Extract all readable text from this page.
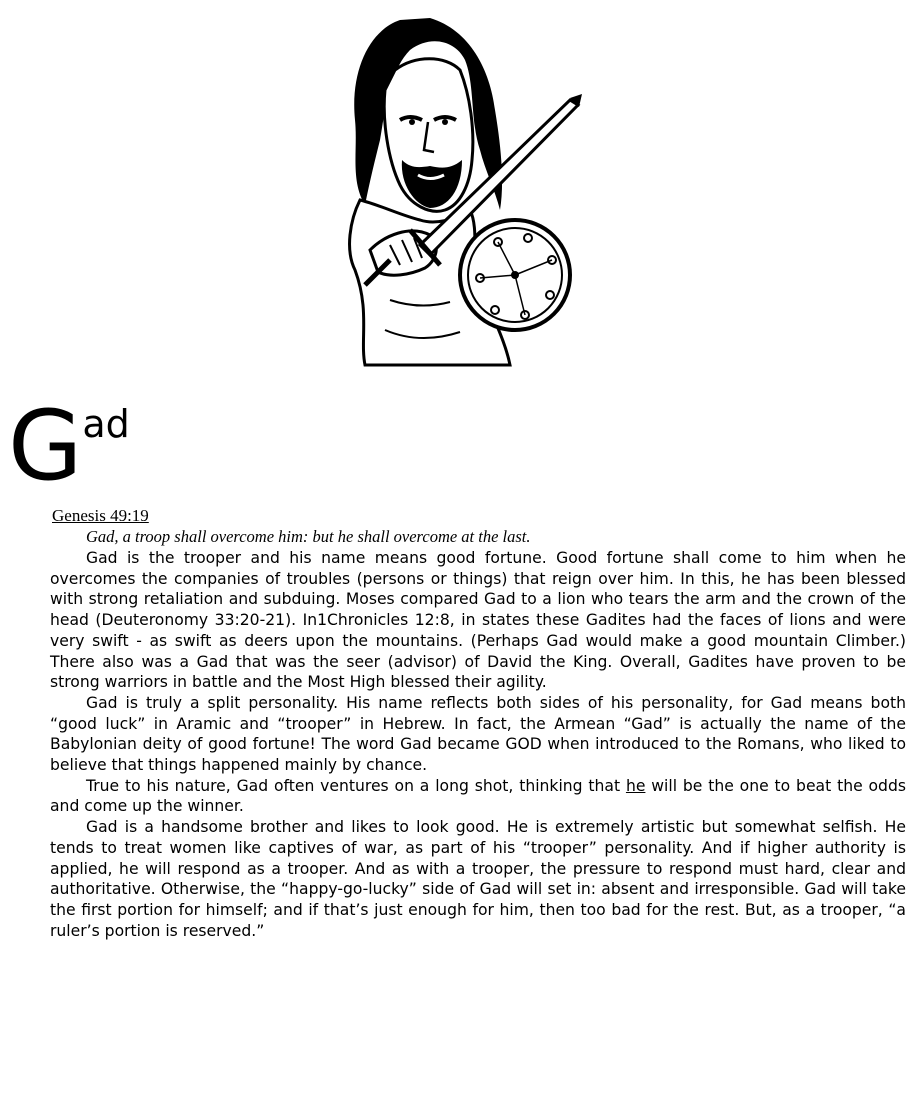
Gad
Genesis 49:19
Gad, a troop shall overcome him: but he shall overcome at the last.

Gad is the trooper and his name means good fortune. Good fortune shall come to him when he overcomes the companies of troubles (persons or things) that reign over him. In this, he has been blessed with strong retaliation and subduing. Moses compared Gad to a lion who tears the arm and the crown of the head (Deuteronomy 33:20-21). In1Chronicles 12:8, in states these Gadites had the faces of lions and were very swift - as swift as deers upon the mountains. (Perhaps Gad would make a good mountain Climber.) There also was a Gad that was the seer (advisor) of David the King. Overall, Gadites have proven to be strong warriors in battle and the Most High blessed their agility.

Gad is truly a split personality. His name reflects both sides of his personality, for Gad means both “good luck” in Aramic and “trooper” in Hebrew. In fact, the Armean “Gad” is actually the name of the Babylonian deity of good fortune! The word Gad became GOD when introduced to the Romans, who liked to believe that things happened mainly by chance.

True to his nature, Gad often ventures on a long shot, thinking that he will be the one to beat the odds and come up the winner.

Gad is a handsome brother and likes to look good. He is extremely artistic but somewhat selfish. He tends to treat women like captives of war, as part of his “trooper” personality. And if higher authority is applied, he will respond as a trooper. And as with a trooper, the pressure to respond must hard, clear and authoritative. Otherwise, the “happy-go-lucky” side of Gad will set in: absent and irresponsible. Gad will take the first portion for himself; and if that’s just enough for him, then too bad for the rest. But, as a trooper, “a ruler’s portion is reserved.”
